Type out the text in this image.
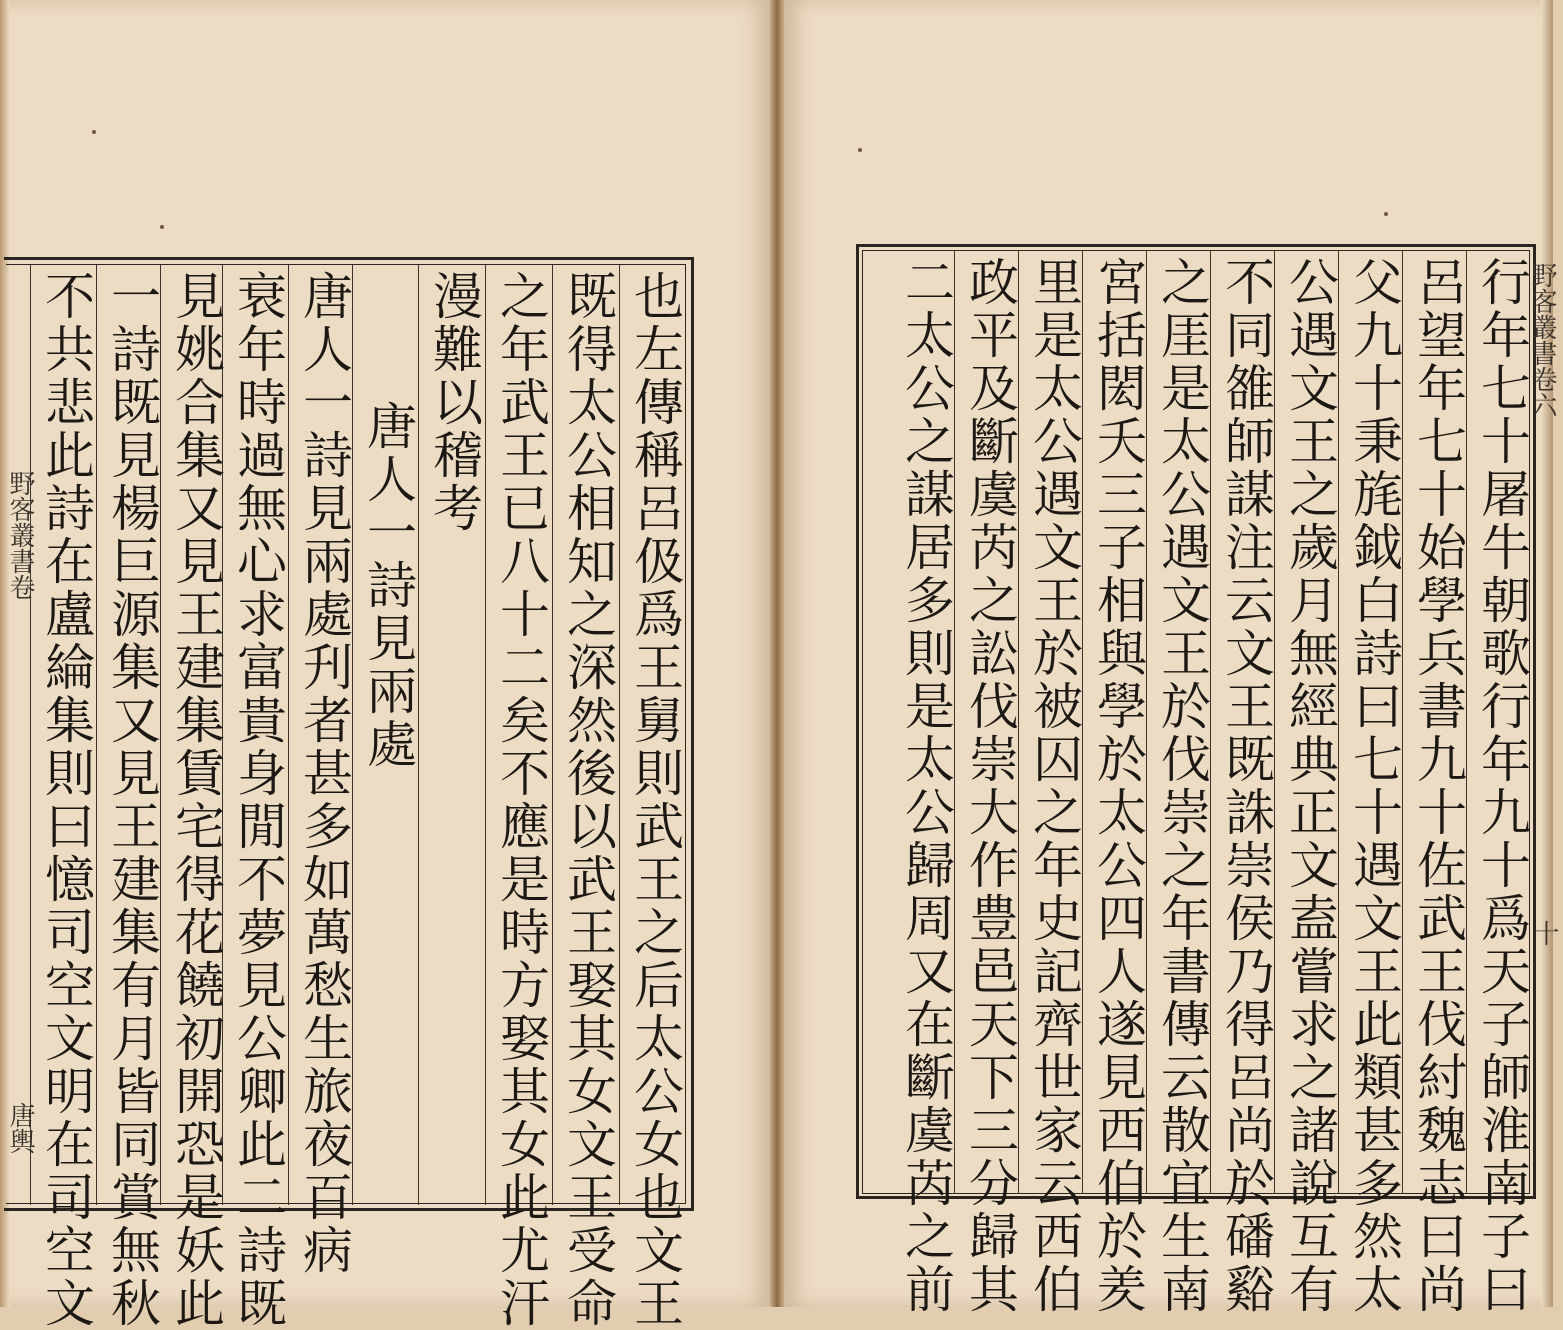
也左傳稱呂伋爲王舅則武王之后太公女也文王
既得太公相知之深然後以武王娶其女文王受命
之年武王已八十二矣不應是時方娶其女此尤汗
漫難以稽考
唐人一詩見兩處
唐人一詩見兩處刋者甚多如萬愁生旅夜百病
衰年時過無心求富貴身閒不夢見公卿此二詩既
見姚合集又見王建集賃宅得花饒初開恐是妖此
一詩既見楊巨源集又見王建集有月皆同賞無秋
不共悲此詩在盧綸集則曰憶司空文明在司空文
野客叢書卷
唐輿	行年七十屠牛朝歌行年九十爲天子師淮南子曰
呂望年七十始學兵書九十佐武王伐紂魏志曰尚
父九十秉旄鉞白詩曰七十遇文王此類甚多然太
公遇文王之歲月無經典正文盍嘗求之諸說互有
不同雒師謀注云文王既誅崇侯乃得呂尚於磻谿
之厓是太公遇文王於伐崇之年書傳云散宜生南
宮括閎夭三子相與學於太公四人遂見西伯於羑
里是太公遇文王於被囚之年史記齊世家云西伯
政平及斷虞芮之訟伐崇大作豊邑天下三分歸其
二太公之謀居多則是太公歸周又在斷虞芮之前	野客叢書卷六
十
